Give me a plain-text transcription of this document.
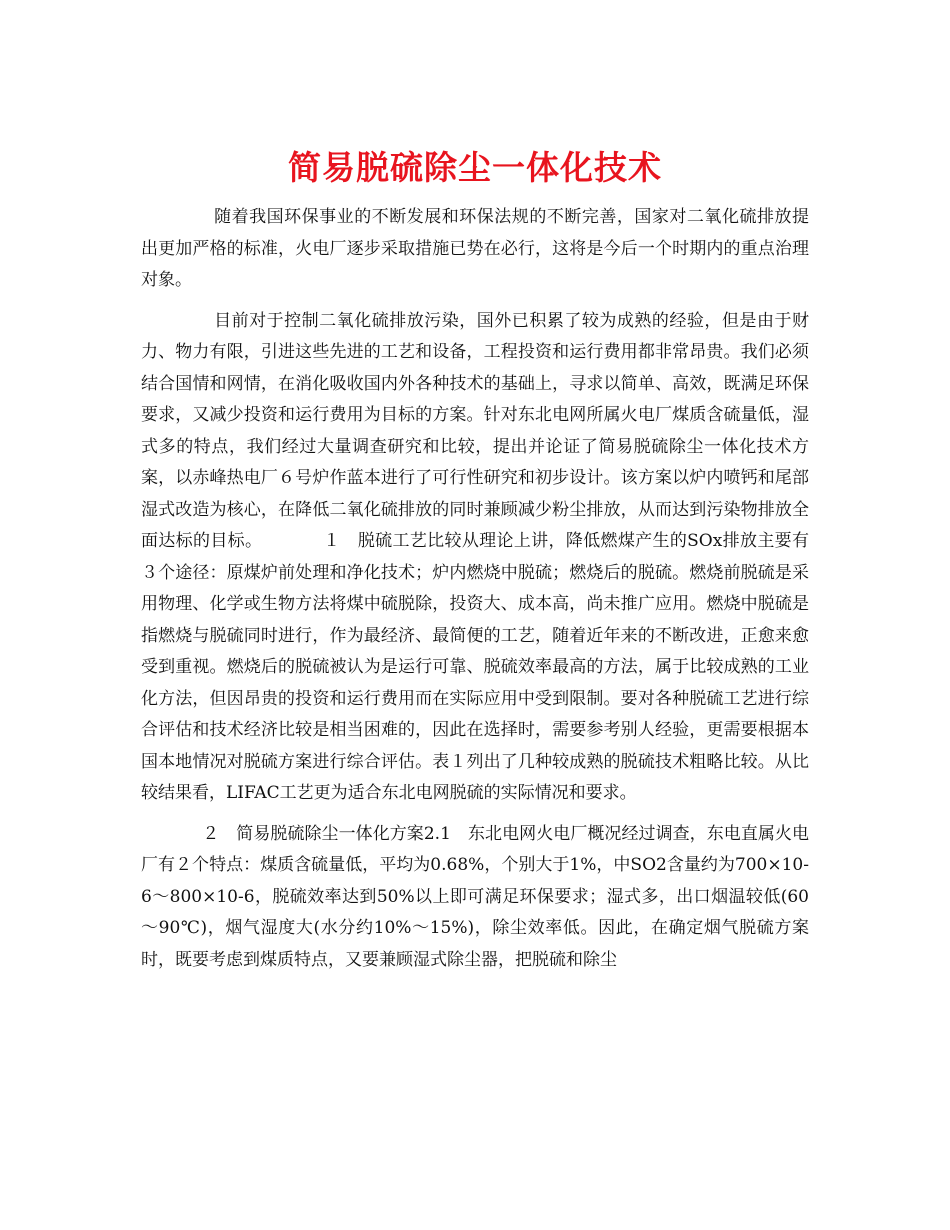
简易脱硫除尘一体化技术

随着我国环保事业的不断发展和环保法规的不断完善，国家对二氧化硫排放提出更加严格的标准，火电厂逐步采取措施已势在必行，这将是今后一个时期内的重点治理对象。

目前对于控制二氧化硫排放污染，国外已积累了较为成熟的经验，但是由于财力、物力有限，引进这些先进的工艺和设备，工程投资和运行费用都非常昂贵。我们必须结合国情和网情，在消化吸收国内外各种技术的基础上，寻求以简单、高效，既满足环保要求，又减少投资和运行费用为目标的方案。针对东北电网所属火电厂煤质含硫量低，湿式多的特点，我们经过大量调查研究和比较，提出并论证了简易脱硫除尘一体化技术方案，以赤峰热电厂６号炉作蓝本进行了可行性研究和初步设计。该方案以炉内喷钙和尾部湿式改造为核心，在降低二氧化硫排放的同时兼顾减少粉尘排放，从而达到污染物排放全面达标的目标。　　　　１　脱硫工艺比较从理论上讲，降低燃煤产生的SOx排放主要有３个途径：原煤炉前处理和净化技术；炉内燃烧中脱硫；燃烧后的脱硫。燃烧前脱硫是采用物理、化学或生物方法将煤中硫脱除，投资大、成本高，尚未推广应用。燃烧中脱硫是指燃烧与脱硫同时进行，作为最经济、最简便的工艺，随着近年来的不断改进，正愈来愈受到重视。燃烧后的脱硫被认为是运行可靠、脱硫效率最高的方法，属于比较成熟的工业化方法，但因昂贵的投资和运行费用而在实际应用中受到限制。要对各种脱硫工艺进行综合评估和技术经济比较是相当困难的，因此在选择时，需要参考别人经验，更需要根据本国本地情况对脱硫方案进行综合评估。表１列出了几种较成熟的脱硫技术粗略比较。从比较结果看，LIFAC工艺更为适合东北电网脱硫的实际情况和要求。

２　简易脱硫除尘一体化方案2.1　东北电网火电厂概况经过调查，东电直属火电厂有２个特点：煤质含硫量低，平均为0.68%，个别大于1%，中SO2含量约为700×10-6～800×10-6，脱硫效率达到50%以上即可满足环保要求；湿式多，出口烟温较低(60～90℃)，烟气湿度大(水分约10%～15%)，除尘效率低。因此，在确定烟气脱硫方案时，既要考虑到煤质特点，又要兼顾湿式除尘器，把脱硫和除尘
